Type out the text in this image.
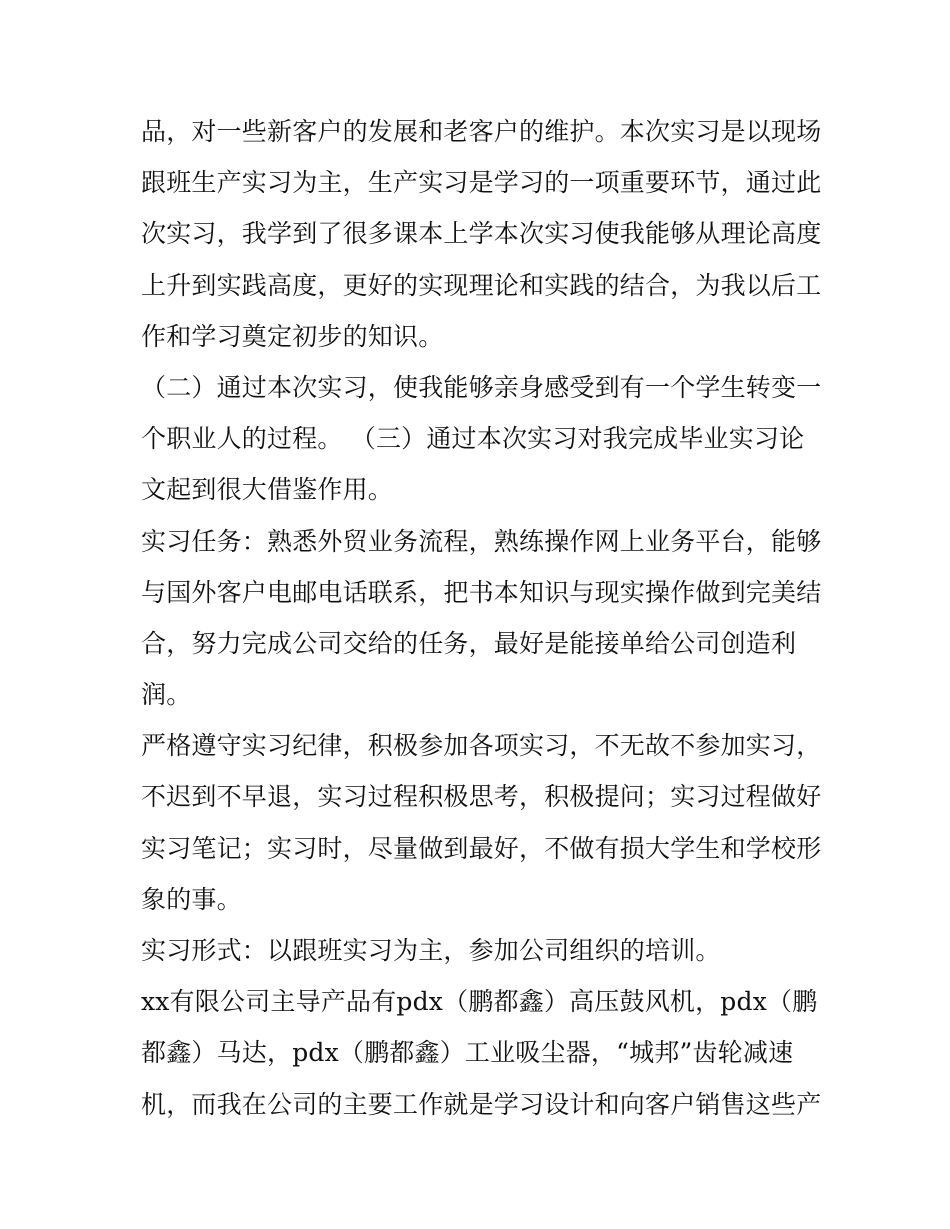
品，对一些新客户的发展和老客户的维护。本次实习是以现场
跟班生产实习为主，生产实习是学习的一项重要环节，通过此
次实习，我学到了很多课本上学本次实习使我能够从理论高度
上升到实践高度，更好的实现理论和实践的结合，为我以后工
作和学习奠定初步的知识。
（二）通过本次实习，使我能够亲身感受到有一个学生转变一
个职业人的过程。 （三）通过本次实习对我完成毕业实习论
文起到很大借鉴作用。
实习任务：熟悉外贸业务流程，熟练操作网上业务平台，能够
与国外客户电邮电话联系，把书本知识与现实操作做到完美结
合，努力完成公司交给的任务，最好是能接单给公司创造利
润。
严格遵守实习纪律，积极参加各项实习，不无故不参加实习，
不迟到不早退，实习过程积极思考，积极提问；实习过程做好
实习笔记；实习时，尽量做到最好，不做有损大学生和学校形
象的事。
实习形式：以跟班实习为主，参加公司组织的培训。
xx有限公司主导产品有pdx（鹏都鑫）高压鼓风机，pdx（鹏
都鑫）马达，pdx（鹏都鑫）工业吸尘器，“城邦”齿轮减速
机，而我在公司的主要工作就是学习设计和向客户销售这些产
